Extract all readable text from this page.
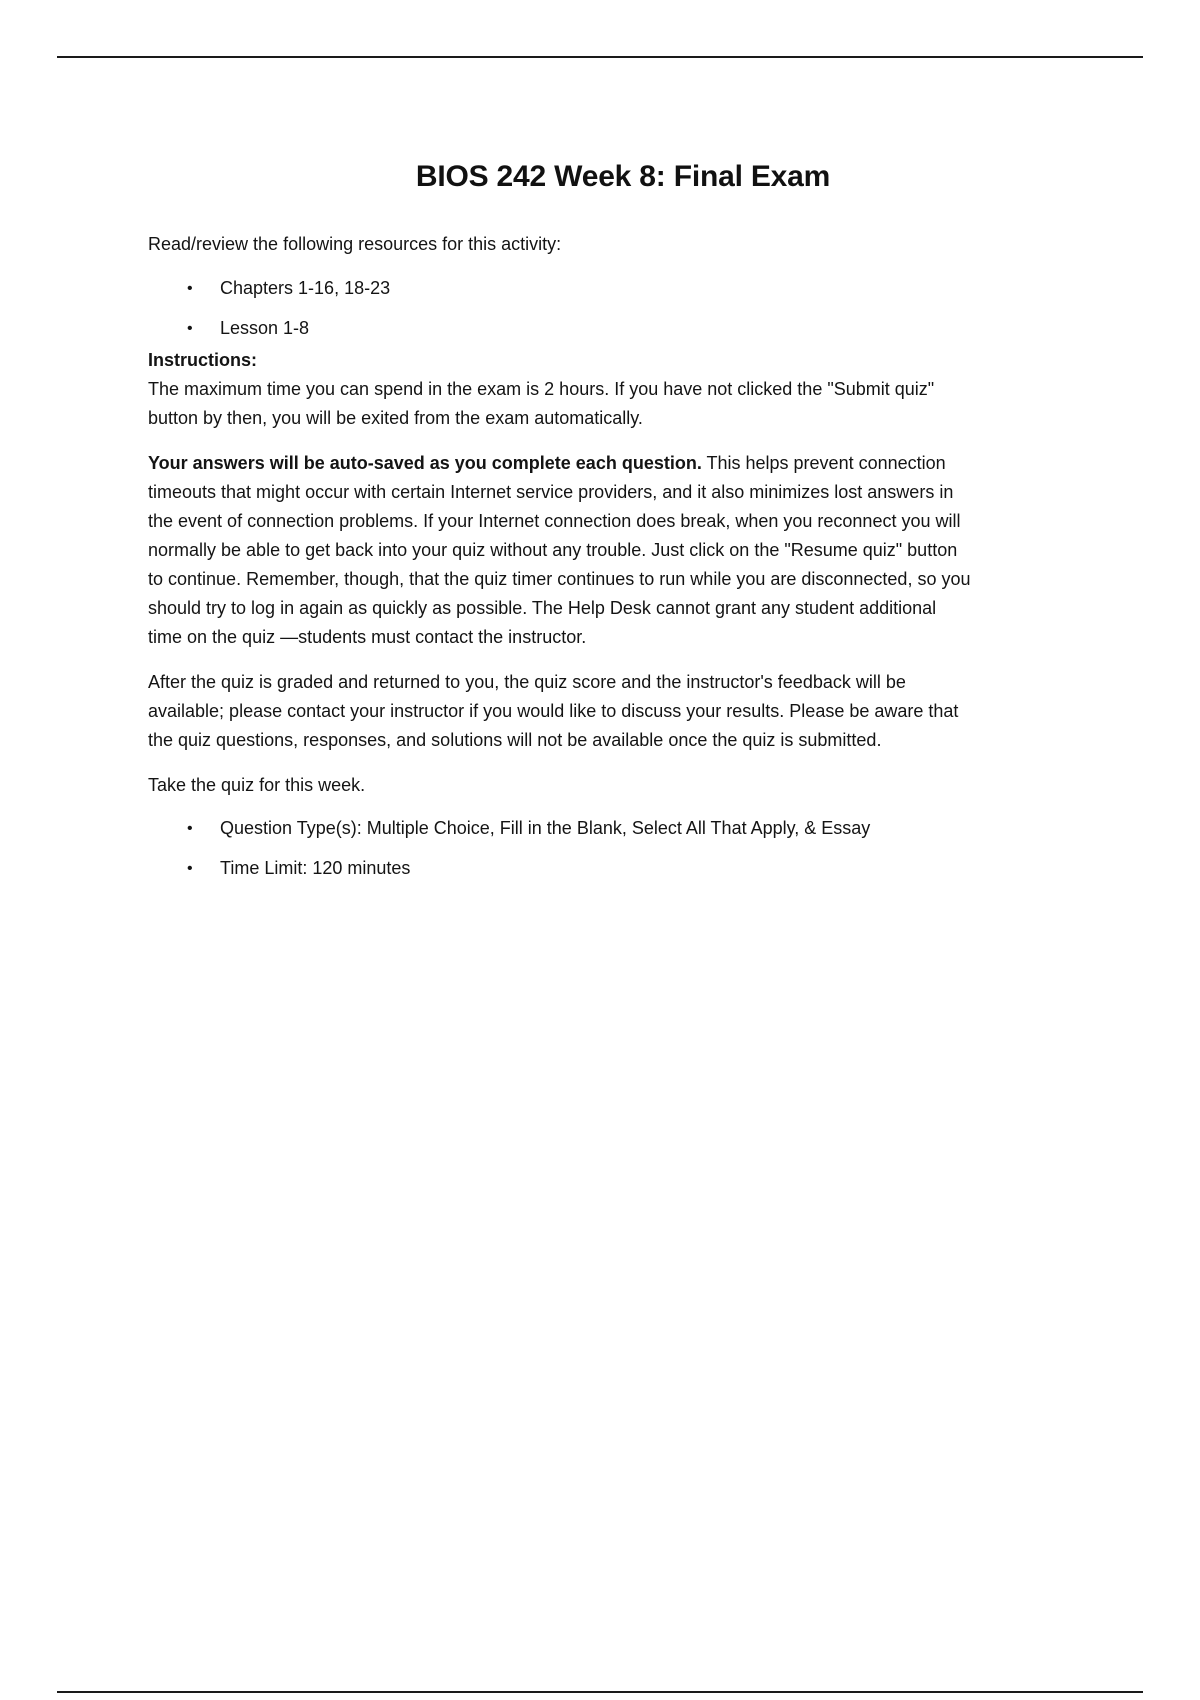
BIOS 242 Week 8: Final Exam

Read/review the following resources for this activity:

• Chapters 1-16, 18-23
• Lesson 1-8

Instructions:

The maximum time you can spend in the exam is 2 hours. If you have not clicked the "Submit quiz" button by then, you will be exited from the exam automatically.

Your answers will be auto-saved as you complete each question. This helps prevent connection timeouts that might occur with certain Internet service providers, and it also minimizes lost answers in the event of connection problems. If your Internet connection does break, when you reconnect you will normally be able to get back into your quiz without any trouble. Just click on the "Resume quiz" button to continue. Remember, though, that the quiz timer continues to run while you are disconnected, so you should try to log in again as quickly as possible. The Help Desk cannot grant any student additional time on the quiz —students must contact the instructor.

After the quiz is graded and returned to you, the quiz score and the instructor's feedback will be available; please contact your instructor if you would like to discuss your results. Please be aware that the quiz questions, responses, and solutions will not be available once the quiz is submitted.

Take the quiz for this week.

• Question Type(s): Multiple Choice, Fill in the Blank, Select All That Apply, & Essay
• Time Limit: 120 minutes
